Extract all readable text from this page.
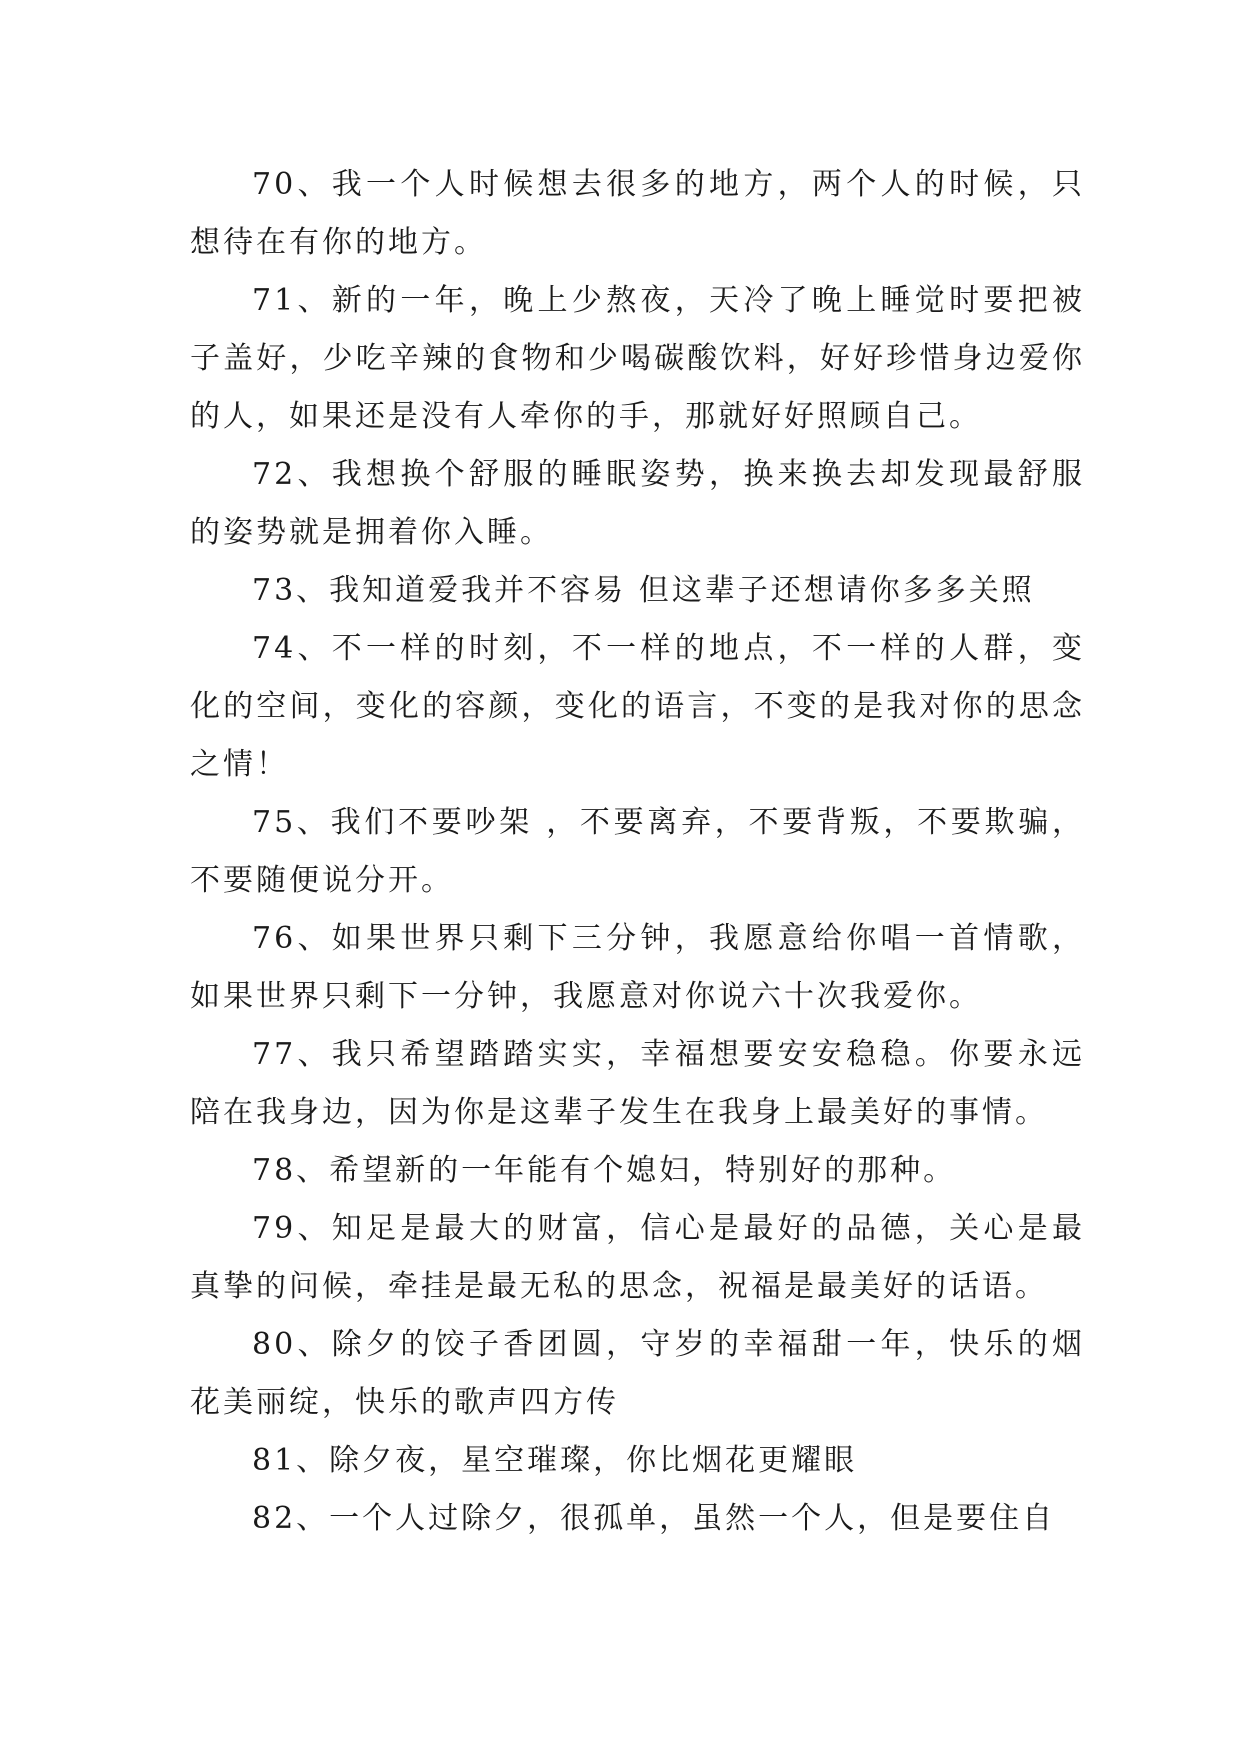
70、我一个人时候想去很多的地方，两个人的时候，只想待在有你的地方。

71、新的一年，晚上少熬夜，天冷了晚上睡觉时要把被子盖好，少吃辛辣的食物和少喝碳酸饮料，好好珍惜身边爱你的人，如果还是没有人牵你的手，那就好好照顾自己。

72、我想换个舒服的睡眠姿势，换来换去却发现最舒服的姿势就是拥着你入睡。

73、我知道爱我并不容易 但这辈子还想请你多多关照

74、不一样的时刻，不一样的地点，不一样的人群，变化的空间，变化的容颜，变化的语言，不变的是我对你的思念之情！

75、我们不要吵架 ，不要离弃，不要背叛，不要欺骗，不要随便说分开。

76、如果世界只剩下三分钟，我愿意给你唱一首情歌，如果世界只剩下一分钟，我愿意对你说六十次我爱你。

77、我只希望踏踏实实，幸福想要安安稳稳。你要永远陪在我身边，因为你是这辈子发生在我身上最美好的事情。

78、希望新的一年能有个媳妇，特别好的那种。

79、知足是最大的财富，信心是最好的品德，关心是最真挚的问候，牵挂是最无私的思念，祝福是最美好的话语。

80、除夕的饺子香团圆，守岁的幸福甜一年，快乐的烟花美丽绽，快乐的歌声四方传

81、除夕夜，星空璀璨，你比烟花更耀眼

82、一个人过除夕，很孤单，虽然一个人，但是要住自
